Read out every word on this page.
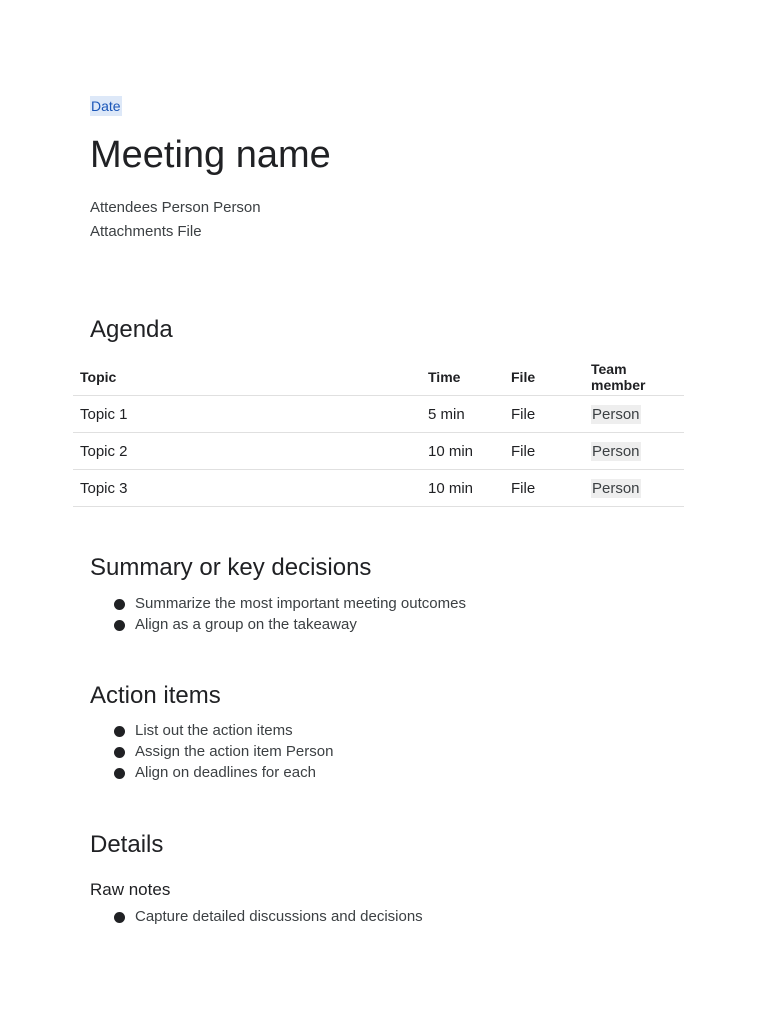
Date
Meeting name
Attendees Person Person
Attachments File
Agenda
Topic	Time	File	Team member
Topic 1	5 min	File	Person
Topic 2	10 min	File	Person
Topic 3	10 min	File	Person
Summary or key decisions
Summarize the most important meeting outcomes
Align as a group on the takeaway
Action items
List out the action items
Assign the action item Person
Align on deadlines for each
Details
Raw notes
Capture detailed discussions and decisions
